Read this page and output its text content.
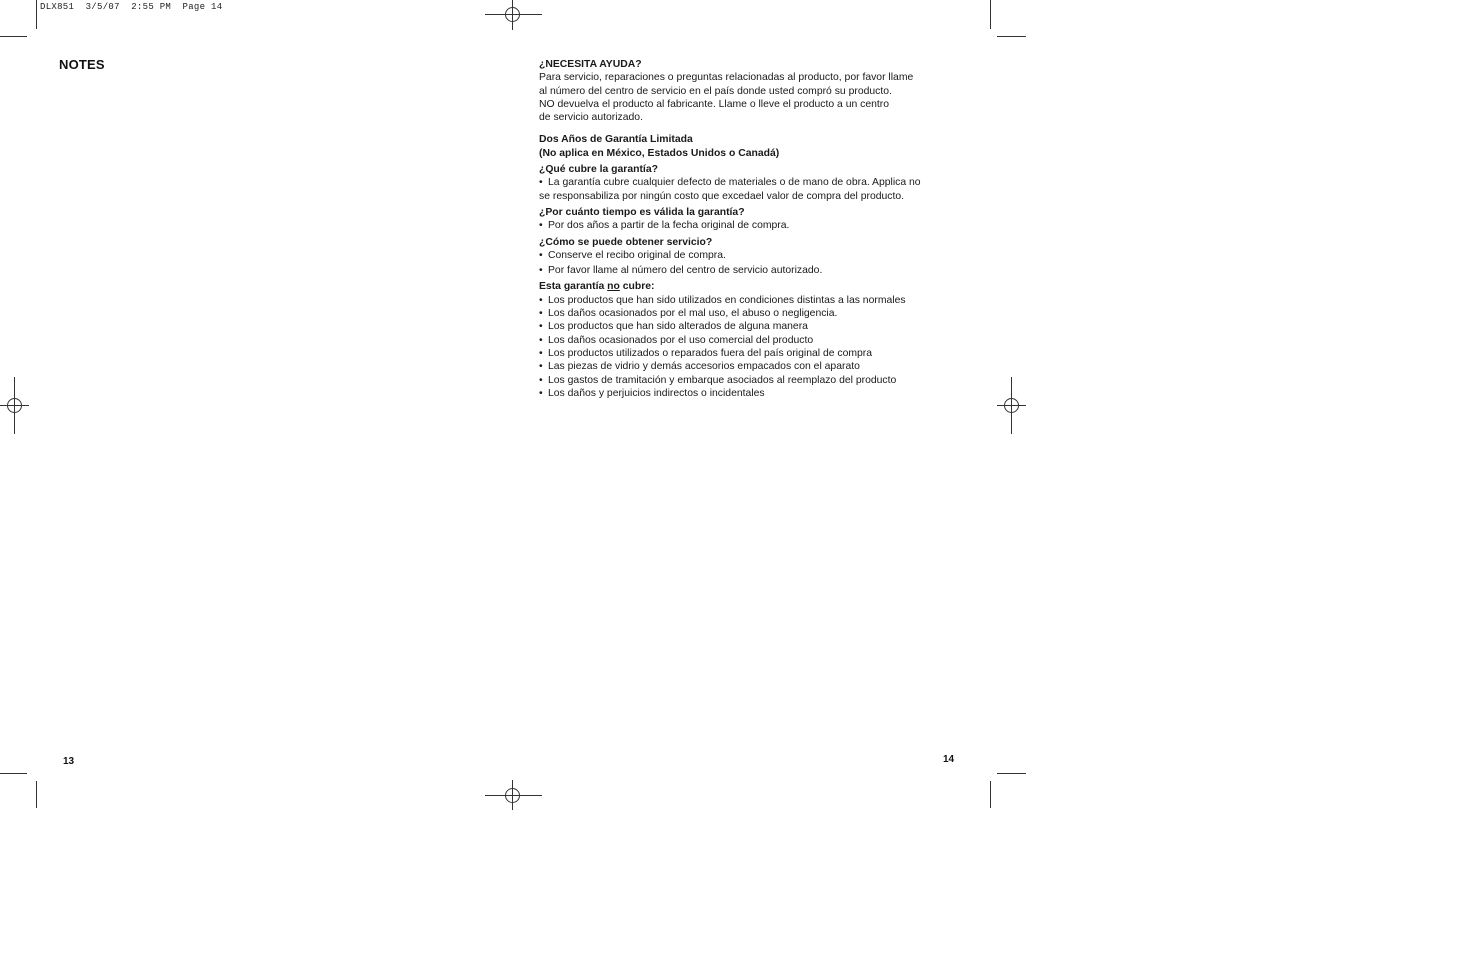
DLX851  3/5/07  2:55 PM  Page 14
NOTES
13	14
¿NECESITA AYUDA?
Para servicio, reparaciones o preguntas relacionadas al producto, por favor llame
al número del centro de servicio en el país donde usted compró su producto.
NO devuelva el producto al fabricante. Llame o lleve el producto a un centro
de servicio autorizado.
Dos Años de Garantía Limitada
(No aplica en México, Estados Unidos o Canadá)
¿Qué cubre la garantía?
• La garantía cubre cualquier defecto de materiales o de mano de obra. Applica no
se responsabiliza por ningún costo que excedael valor de compra del producto.
¿Por cuánto tiempo es válida la garantía?
• Por dos años a partir de la fecha original de compra.
¿Cómo se puede obtener servicio?
• Conserve el recibo original de compra.
• Por favor llame al número del centro de servicio autorizado.
Esta garantía no cubre:
• Los productos que han sido utilizados en condiciones distintas a las normales
• Los daños ocasionados por el mal uso, el abuso o negligencia.
• Los productos que han sido alterados de alguna manera
• Los daños ocasionados por el uso comercial del producto
• Los productos utilizados o reparados fuera del país original de compra
• Las piezas de vidrio y demás accesorios empacados con el aparato
• Los gastos de tramitación y embarque asociados al reemplazo del producto
• Los daños y perjuicios indirectos o incidentales
